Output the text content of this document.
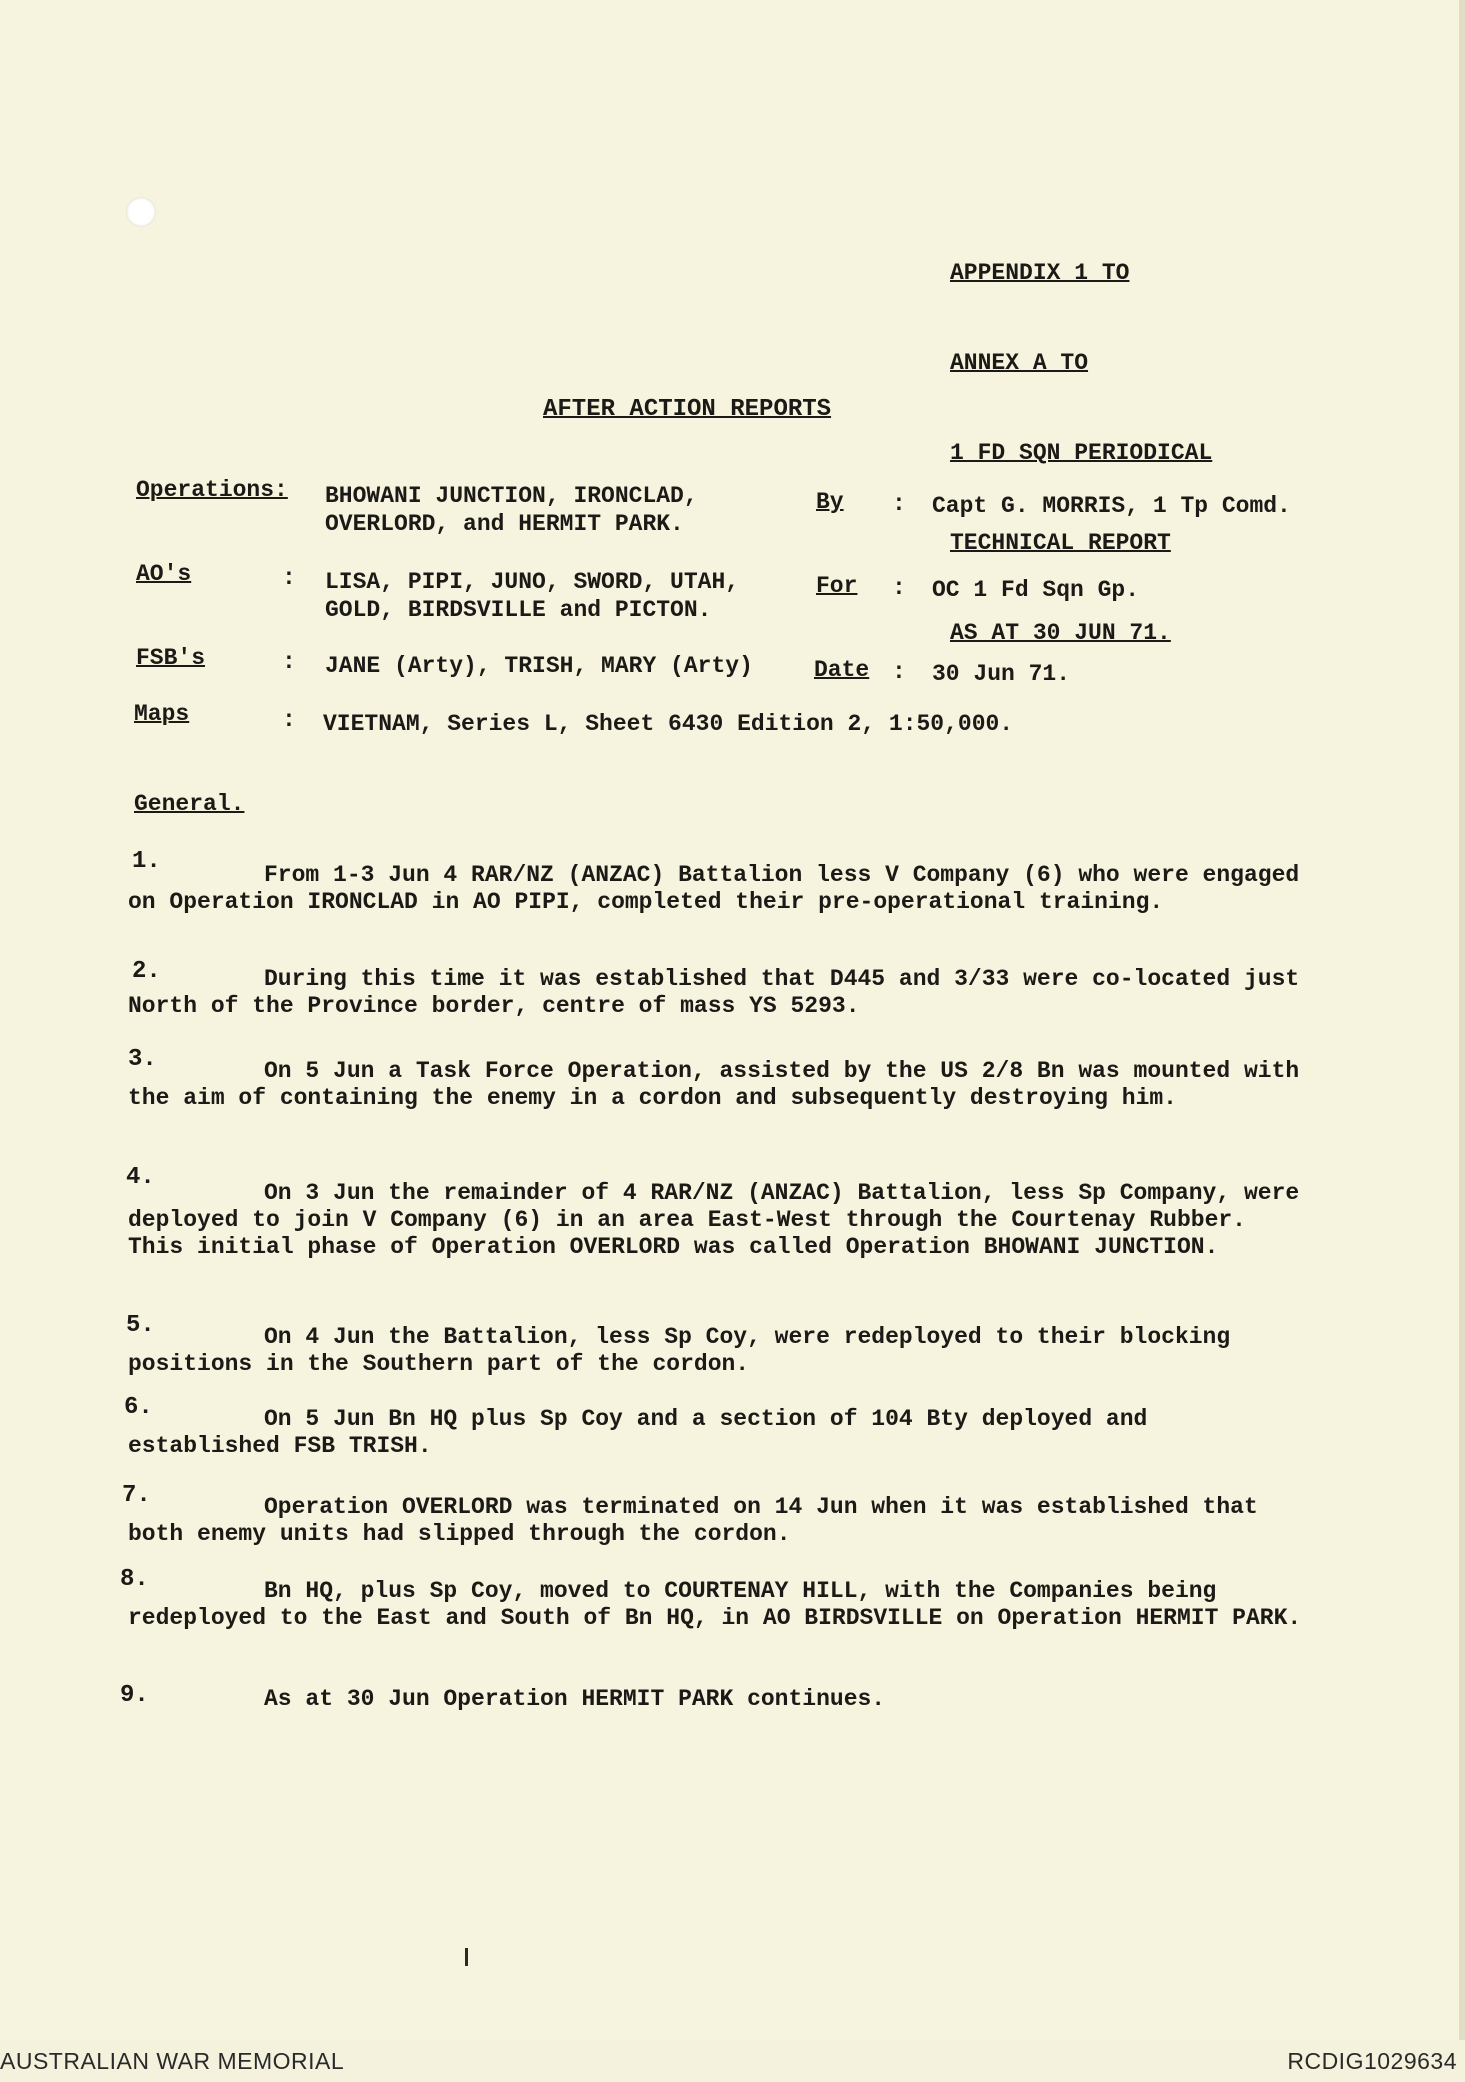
APPENDIX 1 TO

ANNEX A TO

1 FD SQN PERIODICAL

TECHNICAL REPORT

AS AT 30 JUN 71.

AFTER ACTION REPORTS
Operations: BHOWANI JUNCTION, IRONCLAD,
OVERLORD, and HERMIT PARK.
AO's	: LISA, PIPI, JUNO, SWORD, UTAH,
GOLD, BIRDSVILLE and PICTON.
FSB's	: JANE (Arty), TRISH, MARY (Arty)
Maps	: VIETNAM, Series L, Sheet 6430 Edition 2, 1:50,000.
By : Capt G. MORRIS, 1 Tp Comd.
For : OC 1 Fd Sqn Gp.
Date : 30 Jun 71.
General.
1.	From 1-3 Jun 4 RAR/NZ (ANZAC) Battalion less V Company (6) who were engaged on Operation IRONCLAD in AO PIPI, completed their pre-operational training.
2.	During this time it was established that D445 and 3/33 were co-located just North of the Province border, centre of mass YS 5293.
3.	On 5 Jun a Task Force Operation, assisted by the US 2/8 Bn was mounted with the aim of containing the enemy in a cordon and subsequently destroying him.
4.
On 3 Jun the remainder of 4 RAR/NZ (ANZAC) Battalion, less Sp Company, were deployed to join V Company (6) in an area East-West through the Courtenay Rubber. This initial phase of Operation OVERLORD was called Operation BHOWANI JUNCTION.
5.	On 4 Jun the Battalion, less Sp Coy, were redeployed to their blocking positions in the Southern part of the cordon.
6.	On 5 Jun Bn HQ plus Sp Coy and a section of 104 Bty deployed and established FSB TRISH.
7.	Operation OVERLORD was terminated on 14 Jun when it was established that both enemy units had slipped through the cordon.
8.	Bn HQ, plus Sp Coy, moved to COURTENAY HILL, with the Companies being redeployed to the East and South of Bn HQ, in AO BIRDSVILLE on Operation HERMIT PARK.
9.	As at 30 Jun Operation HERMIT PARK continues.
AUSTRALIAN WAR MEMORIAL	RCDIG1029634
